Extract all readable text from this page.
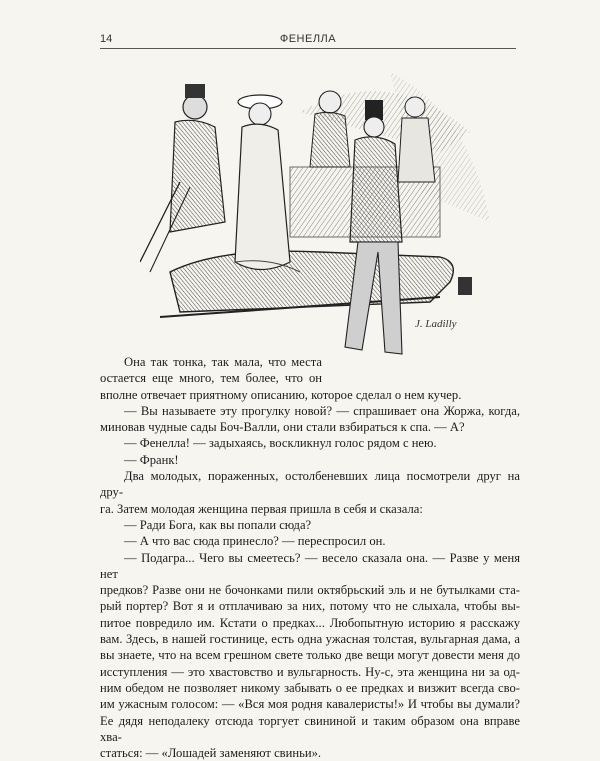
14	ФЕНЕЛЛА
J. Ladilly

Она так тонка, так мала, что места

остается еще много, тем более, что он

вполне отвечает приятному описанию, которое сделал о нем кучер.

— Вы называете эту прогулку новой? — спрашивает она Жоржа, когда,

миновав чудные сады Боч-Валли, они стали взбираться к спа. — А?

— Фенелла! — задыхаясь, воскликнул голос рядом с нею.

— Франк!

Два молодых, пораженных, остолбеневших лица посмотрели друг на дру-

га. Затем молодая женщина первая пришла в себя и сказала:

— Ради Бога, как вы попали сюда?

— А что вас сюда принесло? — переспросил он.

— Подагра... Чего вы смеетесь? — весело сказала она. — Разве у меня нет

предков? Разве они не бочонками пили октябрьский эль и не бутылками ста-

рый портер? Вот я и отплачиваю за них, потому что не слыхала, чтобы вы-

питое повредило им. Кстати о предках... Любопытную историю я расскажу

вам. Здесь, в нашей гостинице, есть одна ужасная толстая, вульгарная дама, а

вы знаете, что на всем грешном свете только две вещи могут довести меня до

исступления — это хвастовство и вульгарность. Ну-с, эта женщина ни за од-

ним обедом не позволяет никому забывать о ее предках и визжит всегда сво-

им ужасным голосом: — «Вся моя родня кавалеристы!» И чтобы вы думали?

Ее дядя неподалеку отсюда торгует свининой и таким образом она вправе хва-

статься: — «Лошадей заменяют свиньи».
